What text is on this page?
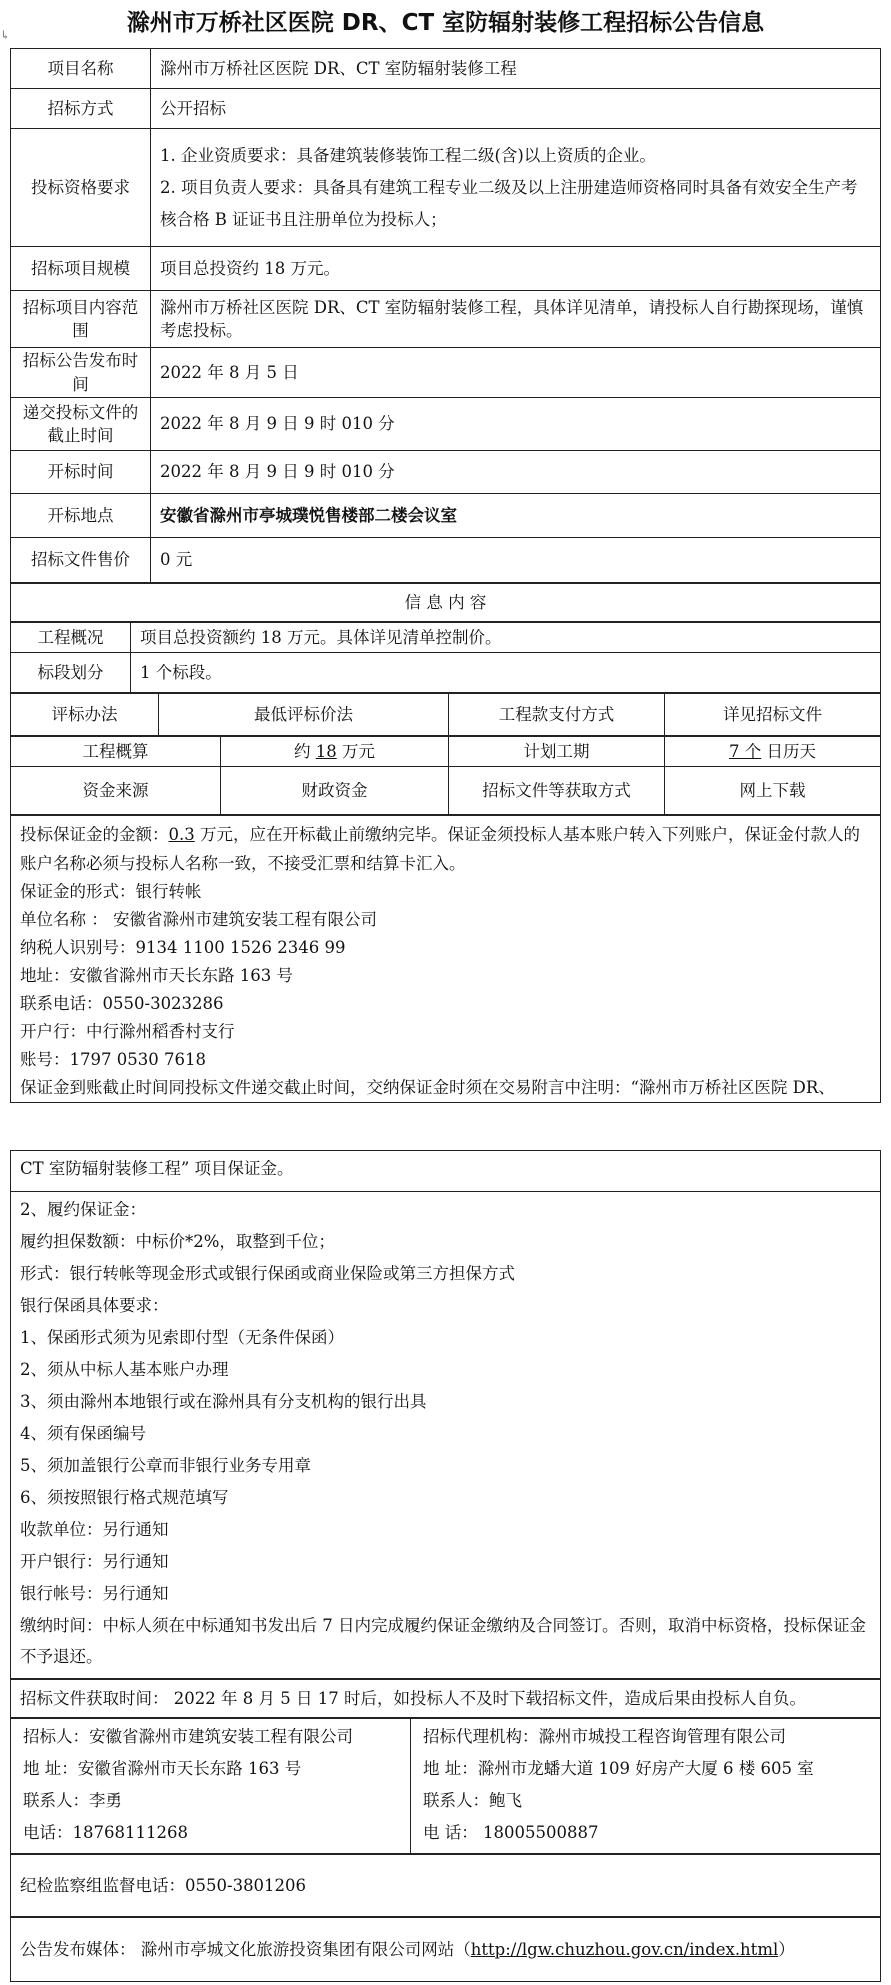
滁州市万桥社区医院 DR、CT 室防辐射装修工程招标公告信息
↳
项目名称	滁州市万桥社区医院 DR、CT 室防辐射装修工程
招标方式	公开招标
投标资格要求	1. 企业资质要求：具备建筑装修装饰工程二级(含)以上资质的企业。
2. 项目负责人要求：具备具有建筑工程专业二级及以上注册建造师资格同时具备有效安全生产考核合格 B 证证书且注册单位为投标人；

招标项目规模	项目总投资约 18 万元。
招标项目内容范围	滁州市万桥社区医院 DR、CT 室防辐射装修工程，具体详见清单，请投标人自行勘探现场，谨慎考虑投标。
招标公告发布时间	2022 年 8 月 5 日
递交投标文件的截止时间	2022 年 8 月 9 日 9 时 010 分
开标时间	2022 年 8 月 9 日 9 时 010 分
开标地点	安徽省滁州市亭城璞悦售楼部二楼会议室
招标文件售价	0 元
信 息 内 容
工程概况	项目总投资额约 18 万元。具体详见清单控制价。
标段划分	1 个标段。
评标办法	最低评标价法	工程款支付方式	详见招标文件
工程概算	约 18 万元	计划工期	7 个 日历天
资金来源	财政资金	招标文件等获取方式	网上下载

投标保证金的金额：0.3 万元，应在开标截止前缴纳完毕。保证金须投标人基本账户转入下列账户，保证金付款人的账户名称必须与投标人名称一致，不接受汇票和结算卡汇入。

保证金的形式：银行转帐

单位名称 ： 安徽省滁州市建筑安装工程有限公司

纳税人识别号：9134 1100 1526 2346 99

地址：安徽省滁州市天长东路 163 号

联系电话：0550-3023286

开户行：中行滁州稻香村支行

账号：1797 0530 7618

保证金到账截止时间同投标文件递交截止时间，交纳保证金时须在交易附言中注明：“滁州市万桥社区医院 DR、

CT 室防辐射装修工程” 项目保证金。

2、履约保证金：

履约担保数额：中标价*2%，取整到千位；

形式：银行转帐等现金形式或银行保函或商业保险或第三方担保方式

银行保函具体要求：

1、保函形式须为见索即付型（无条件保函）

2、须从中标人基本账户办理

3、须由滁州本地银行或在滁州具有分支机构的银行出具

4、须有保函编号

5、须加盖银行公章而非银行业务专用章

6、须按照银行格式规范填写

收款单位：另行通知

开户银行：另行通知

银行帐号：另行通知

缴纳时间：中标人须在中标通知书发出后 7 日内完成履约保证金缴纳及合同签订。否则，取消中标资格，投标保证金不予退还。

招标文件获取时间： 2022 年 8 月 5 日 17 时后，如投标人不及时下载招标文件，造成后果由投标人自负。

招标人：安徽省滁州市建筑安装工程有限公司

地 址：安徽省滁州市天长东路 163 号

联系人：李勇

电话：18768111268

招标代理机构：滁州市城投工程咨询管理有限公司

地 址：滁州市龙蟠大道 109 好房产大厦 6 楼 605 室

联系人：鲍飞

电 话： 18005500887

纪检监察组监督电话：0550-3801206
公告发布媒体： 滁州市亭城文化旅游投资集团有限公司网站（http://lgw.chuzhou.gov.cn/index.html）
